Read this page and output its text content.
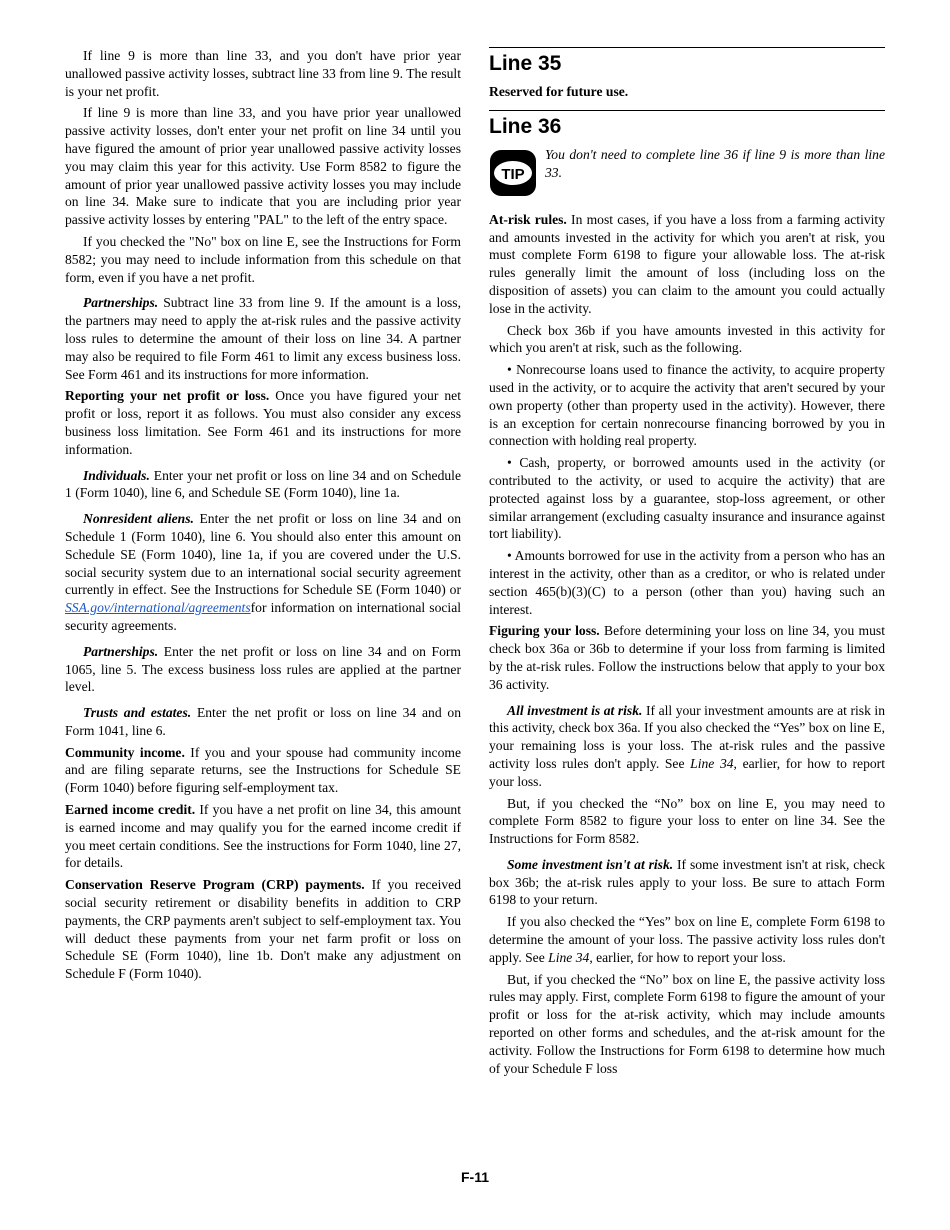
If line 9 is more than line 33, and you don't have prior year unallowed passive activity losses, subtract line 33 from line 9. The result is your net profit.

If line 9 is more than line 33, and you have prior year unallowed passive activity losses, don't enter your net profit on line 34 until you have figured the amount of prior year unallowed passive activity losses you may claim this year for this activity. Use Form 8582 to figure the amount of prior year unallowed passive activity losses you may include on line 34. Make sure to indicate that you are including prior year passive activity losses by entering "PAL" to the left of the entry space.

If you checked the "No" box on line E, see the Instructions for Form 8582; you may need to include information from this schedule on that form, even if you have a net profit.

Partnerships. Subtract line 33 from line 9. If the amount is a loss, the partners may need to apply the at-risk rules and the passive activity loss rules to determine the amount of their loss on line 34. A partner may also be required to file Form 461 to limit any excess business loss. See Form 461 and its instructions for more information.

Reporting your net profit or loss. Once you have figured your net profit or loss, report it as follows. You must also consider any excess business loss limitation. See Form 461 and its instructions for more information.

Individuals. Enter your net profit or loss on line 34 and on Schedule 1 (Form 1040), line 6, and Schedule SE (Form 1040), line 1a.

Nonresident aliens. Enter the net profit or loss on line 34 and on Schedule 1 (Form 1040), line 6. You should also enter this amount on Schedule SE (Form 1040), line 1a, if you are covered under the U.S. social security system due to an international social security agreement currently in effect. See the Instructions for Schedule SE (Form 1040) or SSA.gov/international/agreementsfor information on international social security agreements.

Partnerships. Enter the net profit or loss on line 34 and on Form 1065, line 5. The excess business loss rules are applied at the partner level.

Trusts and estates. Enter the net profit or loss on line 34 and on Form 1041, line 6.

Community income. If you and your spouse had community income and are filing separate returns, see the Instructions for Schedule SE (Form 1040) before figuring self-employment tax.

Earned income credit. If you have a net profit on line 34, this amount is earned income and may qualify you for the earned income credit if you meet certain conditions. See the instructions for Form 1040, line 27, for details.

Conservation Reserve Program (CRP) payments. If you received social security retirement or disability benefits in addition to CRP payments, the CRP payments aren't subject to self-employment tax. You will deduct these payments from your net farm profit or loss on Schedule SE (Form 1040), line 1b. Don't make any adjustment on Schedule F (Form 1040).

Line 35

Reserved for future use.

Line 36
TIP
You don't need to complete line 36 if line 9 is more than line 33.

At-risk rules. In most cases, if you have a loss from a farming activity and amounts invested in the activity for which you aren't at risk, you must complete Form 6198 to figure your allowable loss. The at-risk rules generally limit the amount of loss (including loss on the disposition of assets) you can claim to the amount you could actually lose in the activity.

Check box 36b if you have amounts invested in this activity for which you aren't at risk, such as the following.

• Nonrecourse loans used to finance the activity, to acquire property used in the activity, or to acquire the activity that aren't secured by your own property (other than property used in the activity). However, there is an exception for certain nonrecourse financing borrowed by you in connection with holding real property.

• Cash, property, or borrowed amounts used in the activity (or contributed to the activity, or used to acquire the activity) that are protected against loss by a guarantee, stop-loss agreement, or other similar arrangement (excluding casualty insurance and insurance against tort liability).

• Amounts borrowed for use in the activity from a person who has an interest in the activity, other than as a creditor, or who is related under section 465(b)(3)(C) to a person (other than you) having such an interest.

Figuring your loss. Before determining your loss on line 34, you must check box 36a or 36b to determine if your loss from farming is limited by the at-risk rules. Follow the instructions below that apply to your box 36 activity.

All investment is at risk. If all your investment amounts are at risk in this activity, check box 36a. If you also checked the “Yes” box on line E, your remaining loss is your loss. The at-risk rules and the passive activity loss rules don't apply. See Line 34, earlier, for how to report your loss.

But, if you checked the “No” box on line E, you may need to complete Form 8582 to figure your loss to enter on line 34. See the Instructions for Form 8582.

Some investment isn't at risk. If some investment isn't at risk, check box 36b; the at-risk rules apply to your loss. Be sure to attach Form 6198 to your return.

If you also checked the “Yes” box on line E, complete Form 6198 to determine the amount of your loss. The passive activity loss rules don't apply. See Line 34, earlier, for how to report your loss.

But, if you checked the “No” box on line E, the passive activity loss rules may apply. First, complete Form 6198 to figure the amount of your profit or loss for the at-risk activity, which may include amounts reported on other forms and schedules, and the at-risk amount for the activity. Follow the Instructions for Form 6198 to determine how much of your Schedule F loss

F-11
